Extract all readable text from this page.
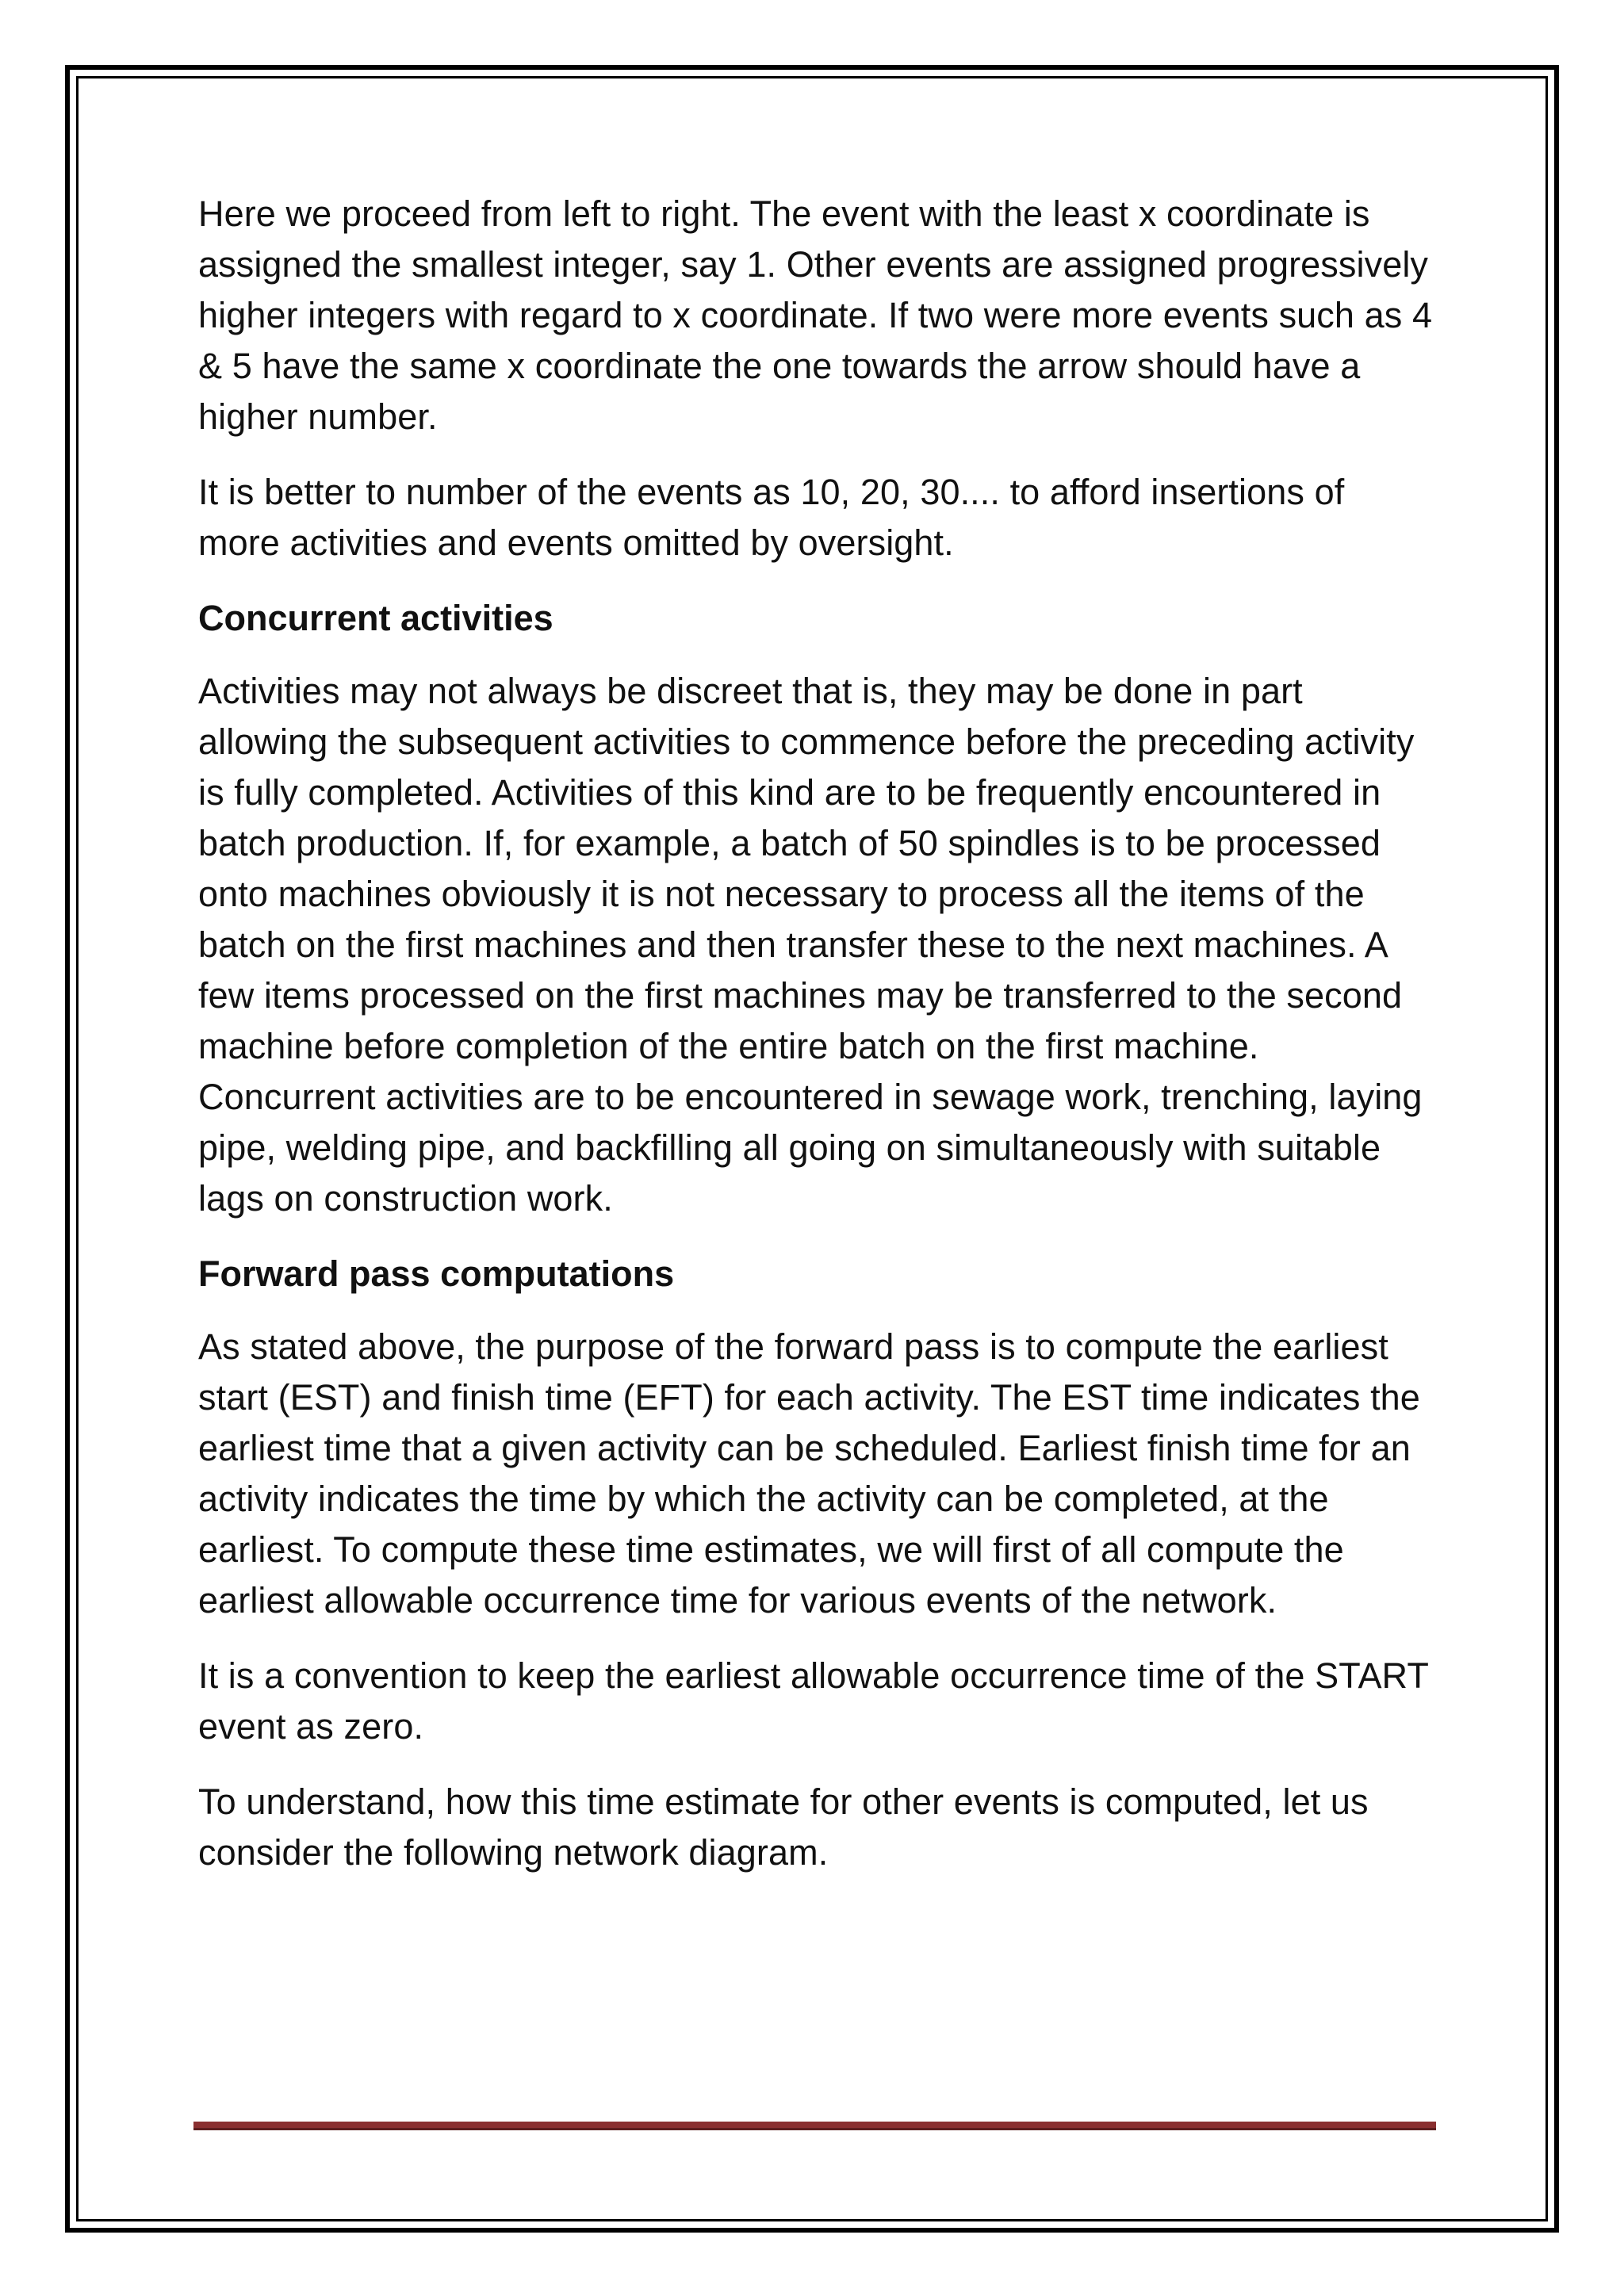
Here we proceed from left to right. The event with the least x coordinate is assigned the smallest integer, say 1. Other events are assigned progressively higher integers with regard to x coordinate. If two were more events such as 4 & 5 have the same x coordinate the one towards the arrow should have a higher number.

It is better to number of the events as 10, 20, 30.... to afford insertions of more activities and events omitted by oversight.

Concurrent activities

Activities may not always be discreet that is, they may be done in part allowing the subsequent activities to commence before the preceding activity is fully completed. Activities of this kind are to be frequently encountered in batch production. If, for example, a batch of 50 spindles is to be processed onto machines obviously it is not necessary to process all the items of the batch on the first machines and then transfer these to the next machines. A few items processed on the first machines may be transferred to the second machine before completion of the entire batch on the first machine. Concurrent activities are to be encountered in sewage work, trenching, laying pipe, welding pipe, and backfilling all going on simultaneously with suitable lags on construction work.

Forward pass computations

As stated above, the purpose of the forward pass is to compute the earliest start (EST) and finish time (EFT) for each activity. The EST time indicates the earliest time that a given activity can be scheduled. Earliest finish time for an activity indicates the time by which the activity can be completed, at the earliest. To compute these time estimates, we will first of all compute the earliest allowable occurrence time for various events of the network.

It is a convention to keep the earliest allowable occurrence time of the START event as zero.

To understand, how this time estimate for other events is computed, let us consider the following network diagram.
